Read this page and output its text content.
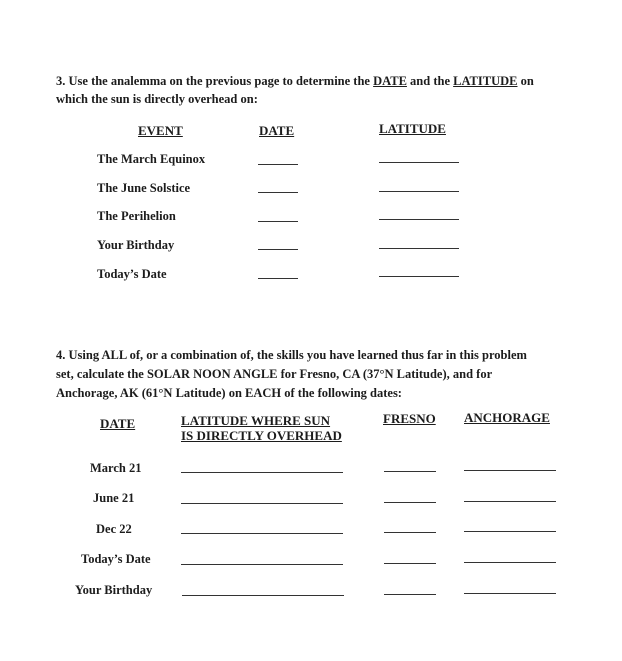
3. Use the analemma on the previous page to determine the DATE and the LATITUDE on
which the sun is directly overhead on:
EVENT	DATE	LATITUDE
The March Equinox
The June Solstice
The Perihelion
Your Birthday
Today’s Date
4. Using ALL of, or a combination of, the skills you have learned thus far in this problem
set, calculate the SOLAR NOON ANGLE for Fresno, CA (37°N Latitude), and for
Anchorage, AK (61°N Latitude) on EACH of the following dates:
DATE	LATITUDE WHERE SUN
IS DIRECTLY OVERHEAD
FRESNO ANCHORAGE
March 21
June 21
Dec 22
Today’s Date
Your Birthday
